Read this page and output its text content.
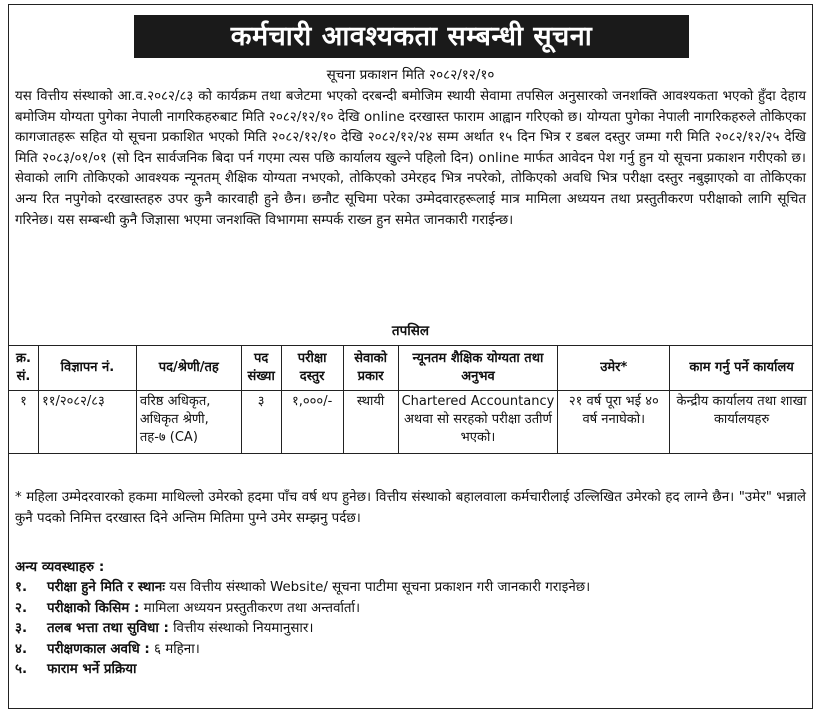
कर्मचारी आवश्यकता सम्बन्धी सूचना
सूचना प्रकाशन मिति २०८२/१२/१०
यस वित्तीय संस्थाको आ.व.२०८२/८३ को कार्यक्रम तथा बजेटमा भएको दरबन्दी बमोजिम स्थायी सेवामा तपसिल अनुसारको जनशक्ति आवश्यकता भएको हुँदा देहाय बमोजिम योग्यता पुगेका नेपाली नागरिकहरुबाट मिति २०८२/१२/१० देखि online दरखास्त फाराम आह्वान गरिएको छ। योग्यता पुगेका नेपाली नागरिकहरुले तोकिएका कागजातहरू सहित यो सूचना प्रकाशित भएको मिति २०८२/१२/१० देखि २०८२/१२/२४ सम्म अर्थात १५ दिन भित्र र डबल दस्तुर जम्मा गरी मिति २०८२/१२/२५ देखि मिति २०८३/०१/०१ (सो दिन सार्वजनिक बिदा पर्न गएमा त्यस पछि कार्यालय खुल्ने पहिलो दिन) online मार्फत आवेदन पेश गर्नु हुन यो सूचना प्रकाशन गरीएको छ। सेवाको लागि तोकिएको आवश्यक न्यूनतम् शैक्षिक योग्यता नभएको, तोकिएको उमेरहद भित्र नपरेको, तोकिएको अवधि भित्र परीक्षा दस्तुर नबुझाएको वा तोकिएका अन्य रित नपुगेको दरखास्तहरु उपर कुनै कारवाही हुने छैन। छनौट सूचिमा परेका उम्मेदवारहरूलाई मात्र मामिला अध्ययन तथा प्रस्तुतीकरण परीक्षाको लागि सूचित गरिनेछ। यस सम्बन्धी कुनै जिज्ञासा भएमा जनशक्ति विभागमा सम्पर्क राख्न हुन समेत जानकारी गराईन्छ।
तपसिल
क्र. सं.	विज्ञापन नं.	पद/श्रेणी/तह	पद संख्या	परीक्षा दस्तुर	सेवाको प्रकार	न्यूनतम शैक्षिक योग्यता तथा अनुभव	उमेर*	काम गर्नु पर्ने कार्यालय
१	११/२०८२/८३	वरिष्ठ अधिकृत, अधिकृत श्रेणी, तह-७ (CA)	३	१,०००/-	स्थायी	Chartered Accountancy अथवा सो सरहको परीक्षा उतीर्ण भएको।	२१ वर्ष पूरा भई ४० वर्ष ननाघेको।	केन्द्रीय कार्यालय तथा शाखा कार्यालयहरु
* महिला उम्मेदरवारको हकमा माथिल्लो उमेरको हदमा पाँच वर्ष थप हुनेछ। वित्तीय संस्थाको बहालवाला कर्मचारीलाई उल्लिखित उमेरको हद लाग्ने छैन। "उमेर" भन्नाले कुनै पदको निमित्त दरखास्त दिने अन्तिम मितिमा पुग्ने उमेर सम्झनु पर्दछ।
अन्य व्यवस्थाहरु :
१.	परीक्षा हुने मिति र स्थानः यस वित्तीय संस्थाको Website/ सूचना पाटीमा सूचना प्रकाशन गरी जानकारी गराइनेछ।
२.	परीक्षाको किसिम : मामिला अध्ययन प्रस्तुतीकरण तथा अन्तर्वार्ता।
३.	तलब भत्ता तथा सुविधा : वित्तीय संस्थाको नियमानुसार।
४.	परीक्षणकाल अवधि : ६ महिना।
५.	फाराम भर्ने प्रक्रिया
